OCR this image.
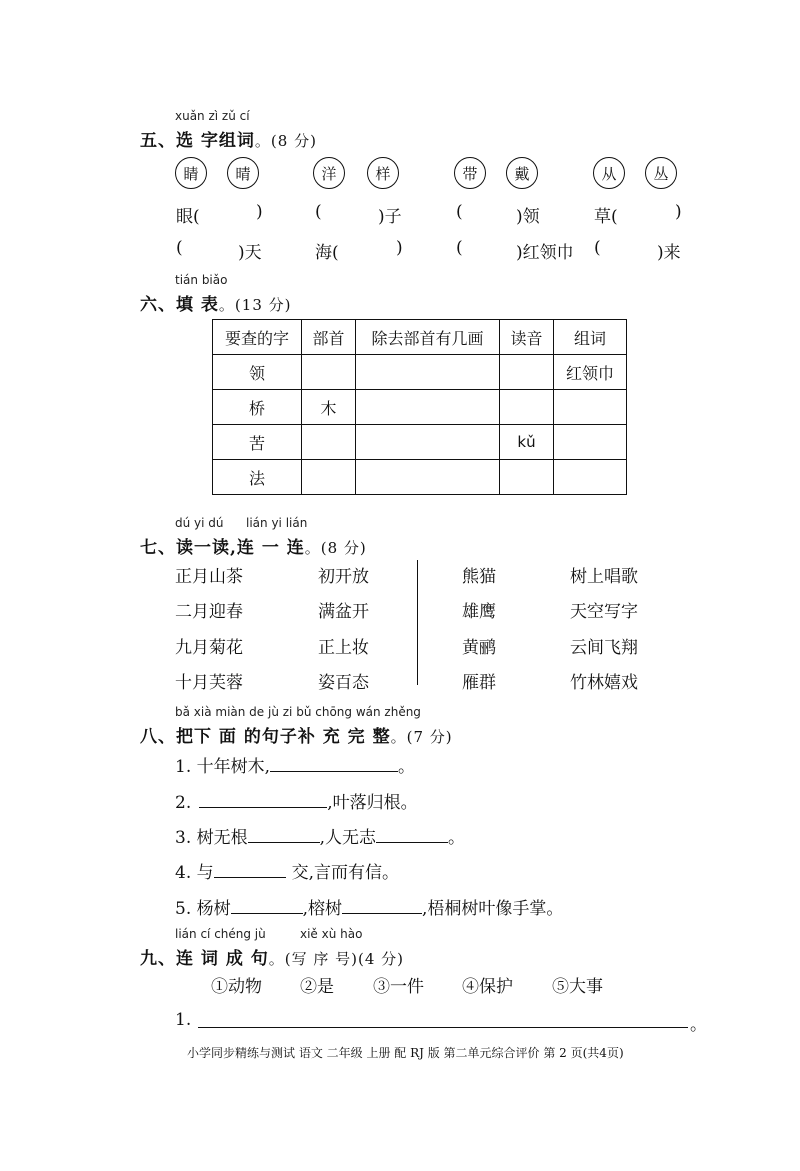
xuǎn zì zǔ cí
五、选 字组词。(8 分)
睛 晴	洋	样	带 戴	从 丛
眼(	)	(	)子	(	)领	草(	)
(	)天	海(	)	(	)红领巾 (	)来
tián biǎo
六、填 表。(13 分)
要查的字	部首	除去部首有几画	读音	组词
领				红领巾
桥	木			
苦			kǔ	
法				
dú yi dú lián yi lián
七、读一读,连 一 连。(8 分)
正月山茶
二月迎春
九月菊花
十月芙蓉
初开放
满盆开
正上妆
姿百态
熊猫
雄鹰
黄鹂
雁群
树上唱歌
天空写字
云间飞翔
竹林嬉戏
bǎ xià miàn de jù zi bǔ chōng wán zhěng
八、把下 面 的句子补 充 完 整。(7 分)
1. 十年树木,	。
2.	,叶落归根。
3. 树无根	,人无志	。
4. 与	交,言而有信。
5. 杨树	,榕树	,梧桐树叶像手掌。
lián cí chéng jù	xiě xù hào
九、连 词 成 句。(写 序 号)(4 分)
①动物 ②是 ③一件 ④保护 ⑤大事
1.	。
小学同步精练与测试 语文 二年级 上册 配 RJ 版 第二单元综合评价 第 2 页(共4页)
